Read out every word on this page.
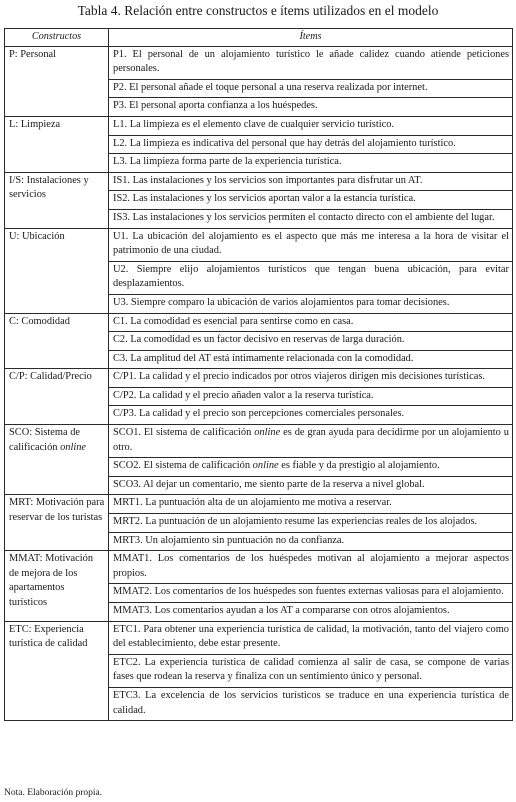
Tabla 4. Relación entre constructos e ítems utilizados en el modelo
Constructos	Ítems
P: Personal	P1. El personal de un alojamiento turístico le añade calidez cuando atiende peticiones personales.
	P2. El personal añade el toque personal a una reserva realizada por internet.
	P3. El personal aporta confianza a los huéspedes.
L: Limpieza	L1. La limpieza es el elemento clave de cualquier servicio turístico.
	L2. La limpieza es indicativa del personal que hay detrás del alojamiento turístico.
	L3. La limpieza forma parte de la experiencia turística.
I/S: Instalaciones y servicios	IS1. Las instalaciones y los servicios son importantes para disfrutar un AT.
	IS2. Las instalaciones y los servicios aportan valor a la estancia turística.
	IS3. Las instalaciones y los servicios permiten el contacto directo con el ambiente del lugar.
U: Ubicación	U1. La ubicación del alojamiento es el aspecto que más me interesa a la hora de visitar el patrimonio de una ciudad.
	U2. Siempre elijo alojamientos turísticos que tengan buena ubicación, para evitar desplazamientos.
	U3. Siempre comparo la ubicación de varios alojamientos para tomar decisiones.
C: Comodidad	C1. La comodidad es esencial para sentirse como en casa.
	C2. La comodidad es un factor decisivo en reservas de larga duración.
	C3. La amplitud del AT está íntimamente relacionada con la comodidad.
C/P: Calidad/Precio	C/P1. La calidad y el precio indicados por otros viajeros dirigen mis decisiones turísticas.
	C/P2. La calidad y el precio añaden valor a la reserva turística.
	C/P3. La calidad y el precio son percepciones comerciales personales.
SCO: Sistema de calificación online	SCO1. El sistema de calificación online es de gran ayuda para decidirme por un alojamiento u otro.
	SCO2. El sistema de calificación online es fiable y da prestigio al alojamiento.
	SCO3. Al dejar un comentario, me siento parte de la reserva a nivel global.
MRT: Motivación para reservar de los turistas	MRT1. La puntuación alta de un alojamiento me motiva a reservar.
	MRT2. La puntuación de un alojamiento resume las experiencias reales de los alojados.
	MRT3. Un alojamiento sin puntuación no da confianza.
MMAT: Motivación de mejora de los apartamentos turísticos	MMAT1. Los comentarios de los huéspedes motivan al alojamiento a mejorar aspectos propios.
	MMAT2. Los comentarios de los huéspedes son fuentes externas valiosas para el alojamiento.
	MMAT3. Los comentarios ayudan a los AT a compararse con otros alojamientos.
ETC: Experiencia turística de calidad	ETC1. Para obtener una experiencia turística de calidad, la motivación, tanto del viajero como del establecimiento, debe estar presente.
	ETC2. La experiencia turística de calidad comienza al salir de casa, se compone de varias fases que rodean la reserva y finaliza con un sentimiento único y personal.
	ETC3. La excelencia de los servicios turísticos se traduce en una experiencia turística de calidad.
Nota. Elaboración propia.
